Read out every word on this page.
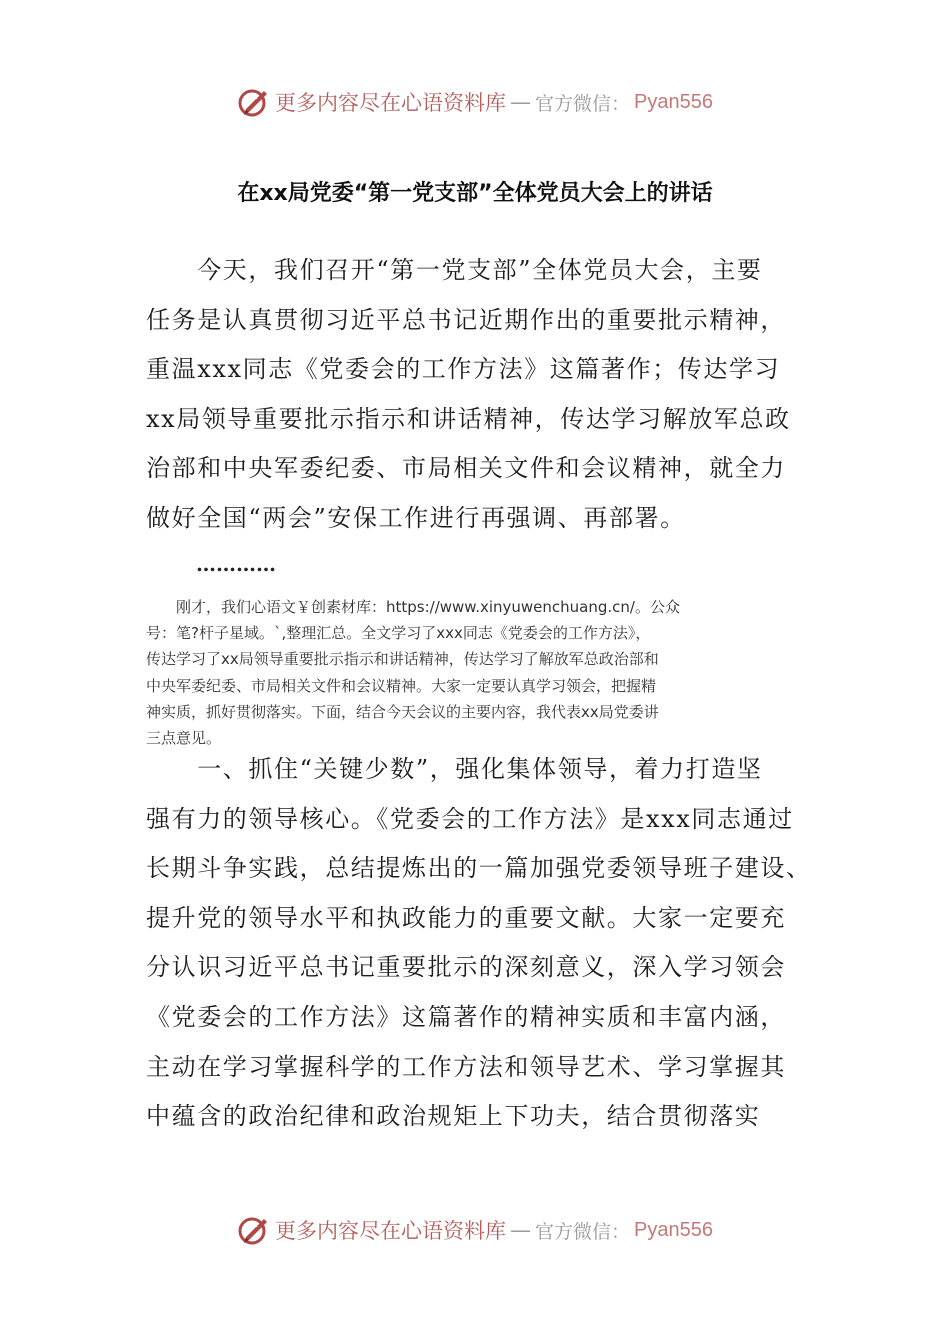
更多内容尽在心语资料库 — 官方微信： Pyan556
在xx局党委“第一党支部”全体党员大会上的讲话
　　今天，我们召开“第一党支部”全体党员大会，主要
任务是认真贯彻习近平总书记近期作出的重要批示精神，
重温xxx同志《党委会的工作方法》这篇著作；传达学习
xx局领导重要批示指示和讲话精神，传达学习解放军总政
治部和中央军委纪委、市局相关文件和会议精神，就全力
做好全国“两会”安保工作进行再强调、再部署。
…………
　　刚才，我们心语文￥创素材库：https://www.xinyuwenchuang.cn/。公众
号：笔?杆子星域。`,整理汇总。全文学习了xxx同志《党委会的工作方法》，
传达学习了xx局领导重要批示指示和讲话精神，传达学习了解放军总政治部和
中央军委纪委、市局相关文件和会议精神。大家一定要认真学习领会，把握精
神实质，抓好贯彻落实。下面，结合今天会议的主要内容，我代表xx局党委讲
三点意见。
　　一、抓住“关键少数”，强化集体领导，着力打造坚
强有力的领导核心。《党委会的工作方法》是xxx同志通过
长期斗争实践，总结提炼出的一篇加强党委领导班子建设、
提升党的领导水平和执政能力的重要文献。大家一定要充
分认识习近平总书记重要批示的深刻意义，深入学习领会
《党委会的工作方法》这篇著作的精神实质和丰富内涵，
主动在学习掌握科学的工作方法和领导艺术、学习掌握其
中蕴含的政治纪律和政治规矩上下功夫，结合贯彻落实
更多内容尽在心语资料库 — 官方微信： Pyan556
